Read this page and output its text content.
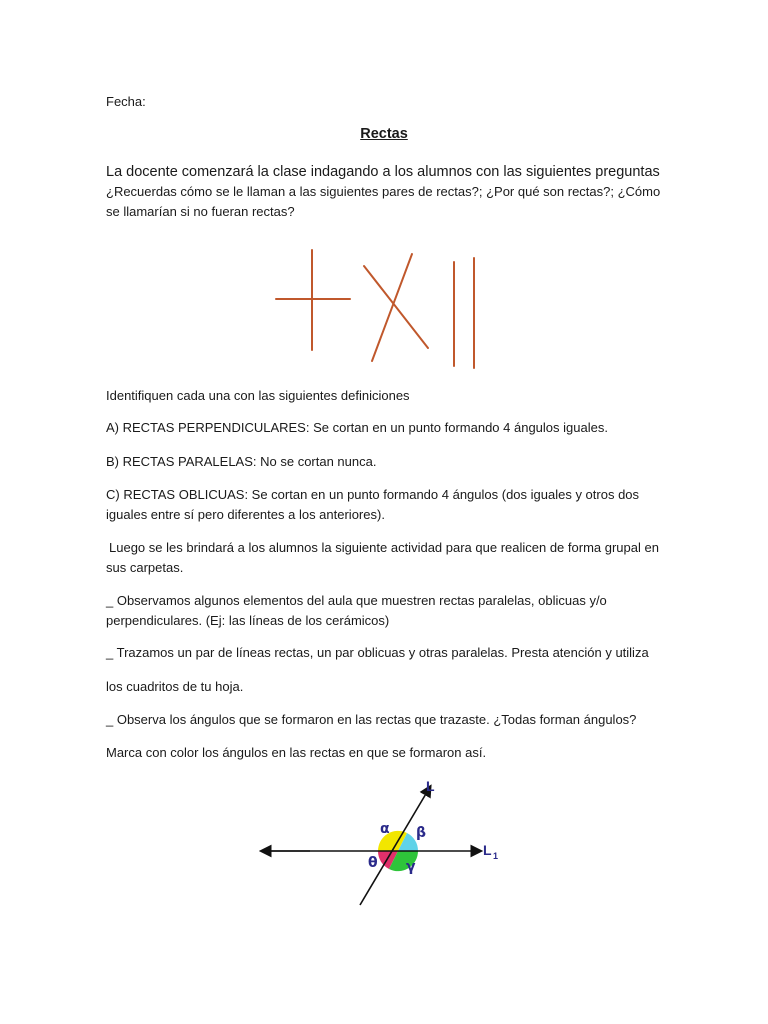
Fecha:

Rectas

La docente comenzará la clase indagando a los alumnos con las siguientes preguntas

¿Recuerdas cómo se le llaman a las siguientes pares de rectas?; ¿Por qué son rectas?; ¿Cómo se llamarían si no fueran rectas?

Identifiquen cada una con las siguientes definiciones

A) RECTAS PERPENDICULARES: Se cortan en un punto formando 4 ángulos iguales.

B) RECTAS PARALELAS: No se cortan nunca.

C) RECTAS OBLICUAS: Se cortan en un punto formando 4 ángulos (dos iguales y otros dos iguales entre sí pero diferentes a los anteriores).

Luego se les brindará a los alumnos la siguiente actividad para que realicen de forma grupal en sus carpetas.

_ Observamos algunos elementos del aula que muestren rectas paralelas, oblicuas y/o perpendiculares. (Ej: las líneas de los cerámicos)

_ Trazamos un par de líneas rectas, un par oblicuas y otras paralelas. Presta atención y utiliza

los cuadritos de tu hoja.

_ Observa los ángulos que se formaron en las rectas que trazaste. ¿Todas forman ángulos?

Marca con color los ángulos en las rectas en que se formaron así.

L
L 1
α β
θ γ
